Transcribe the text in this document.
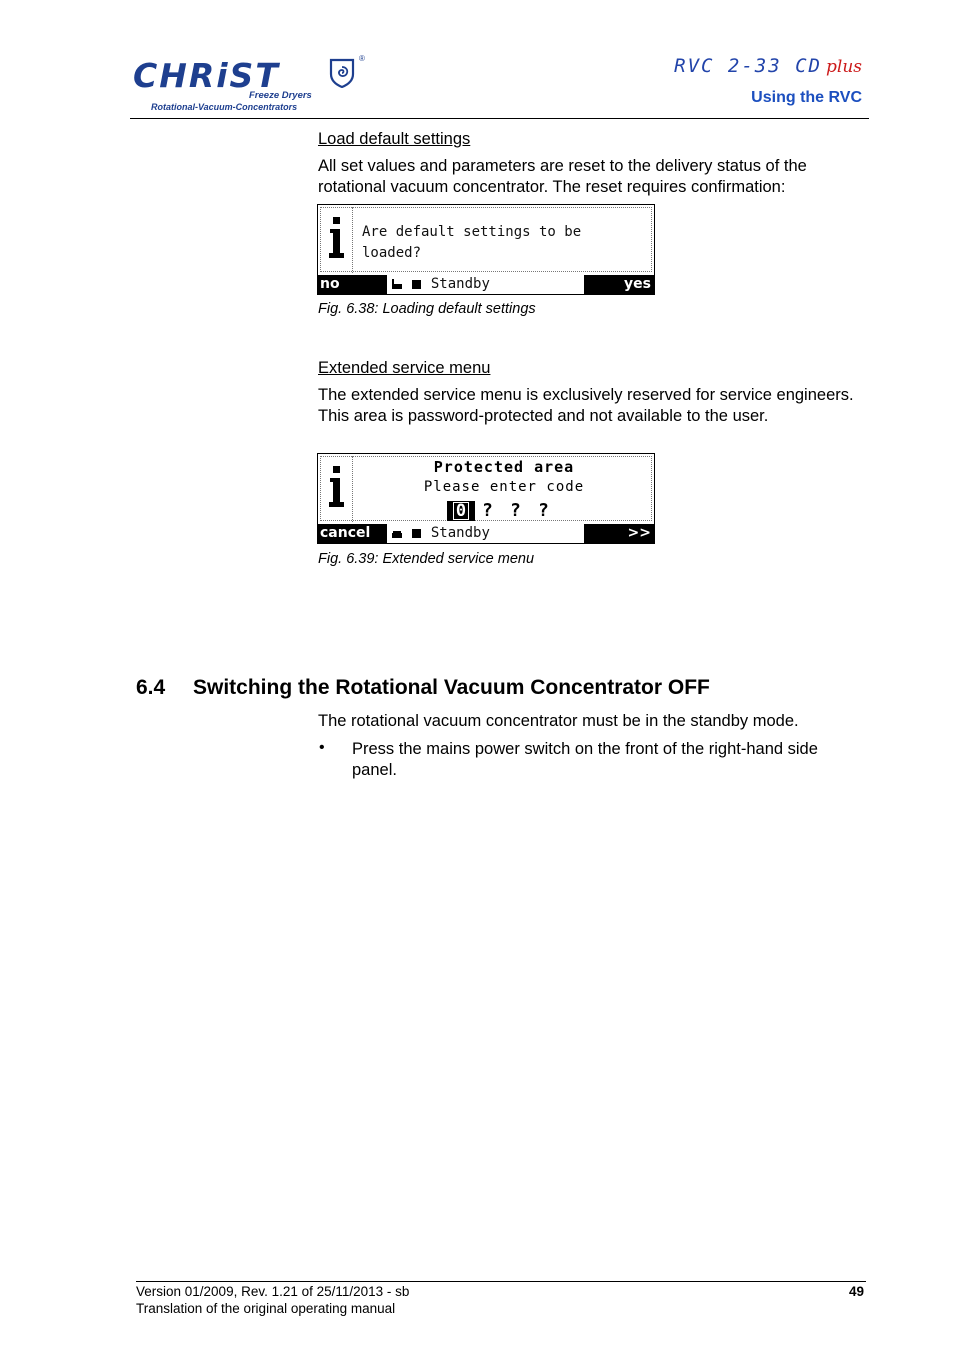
CHRiST	®
Freeze Dryers
Rotational-Vacuum-Concentrators
RVC 2-33 CD plus
Using the RVC
Load default settings
All set values and parameters are reset to the delivery status of the rotational vacuum concentrator. The reset requires confirmation:
Are default settings to be
loaded?
no	Standby	yes
Fig. 6.38: Loading default settings
Extended service menu
The extended service menu is exclusively reserved for service engineers. This area is password-protected and not available to the user.
Protected area
Please enter code
0 ? ? ?
cancel	Standby	>>
Fig. 6.39: Extended service menu
6.4 Switching the Rotational Vacuum Concentrator OFF
The rotational vacuum concentrator must be in the standby mode.
• Press the mains power switch on the front of the right-hand side panel.
Version 01/2009, Rev. 1.21 of 25/11/2013 - sb
Translation of the original operating manual
49
